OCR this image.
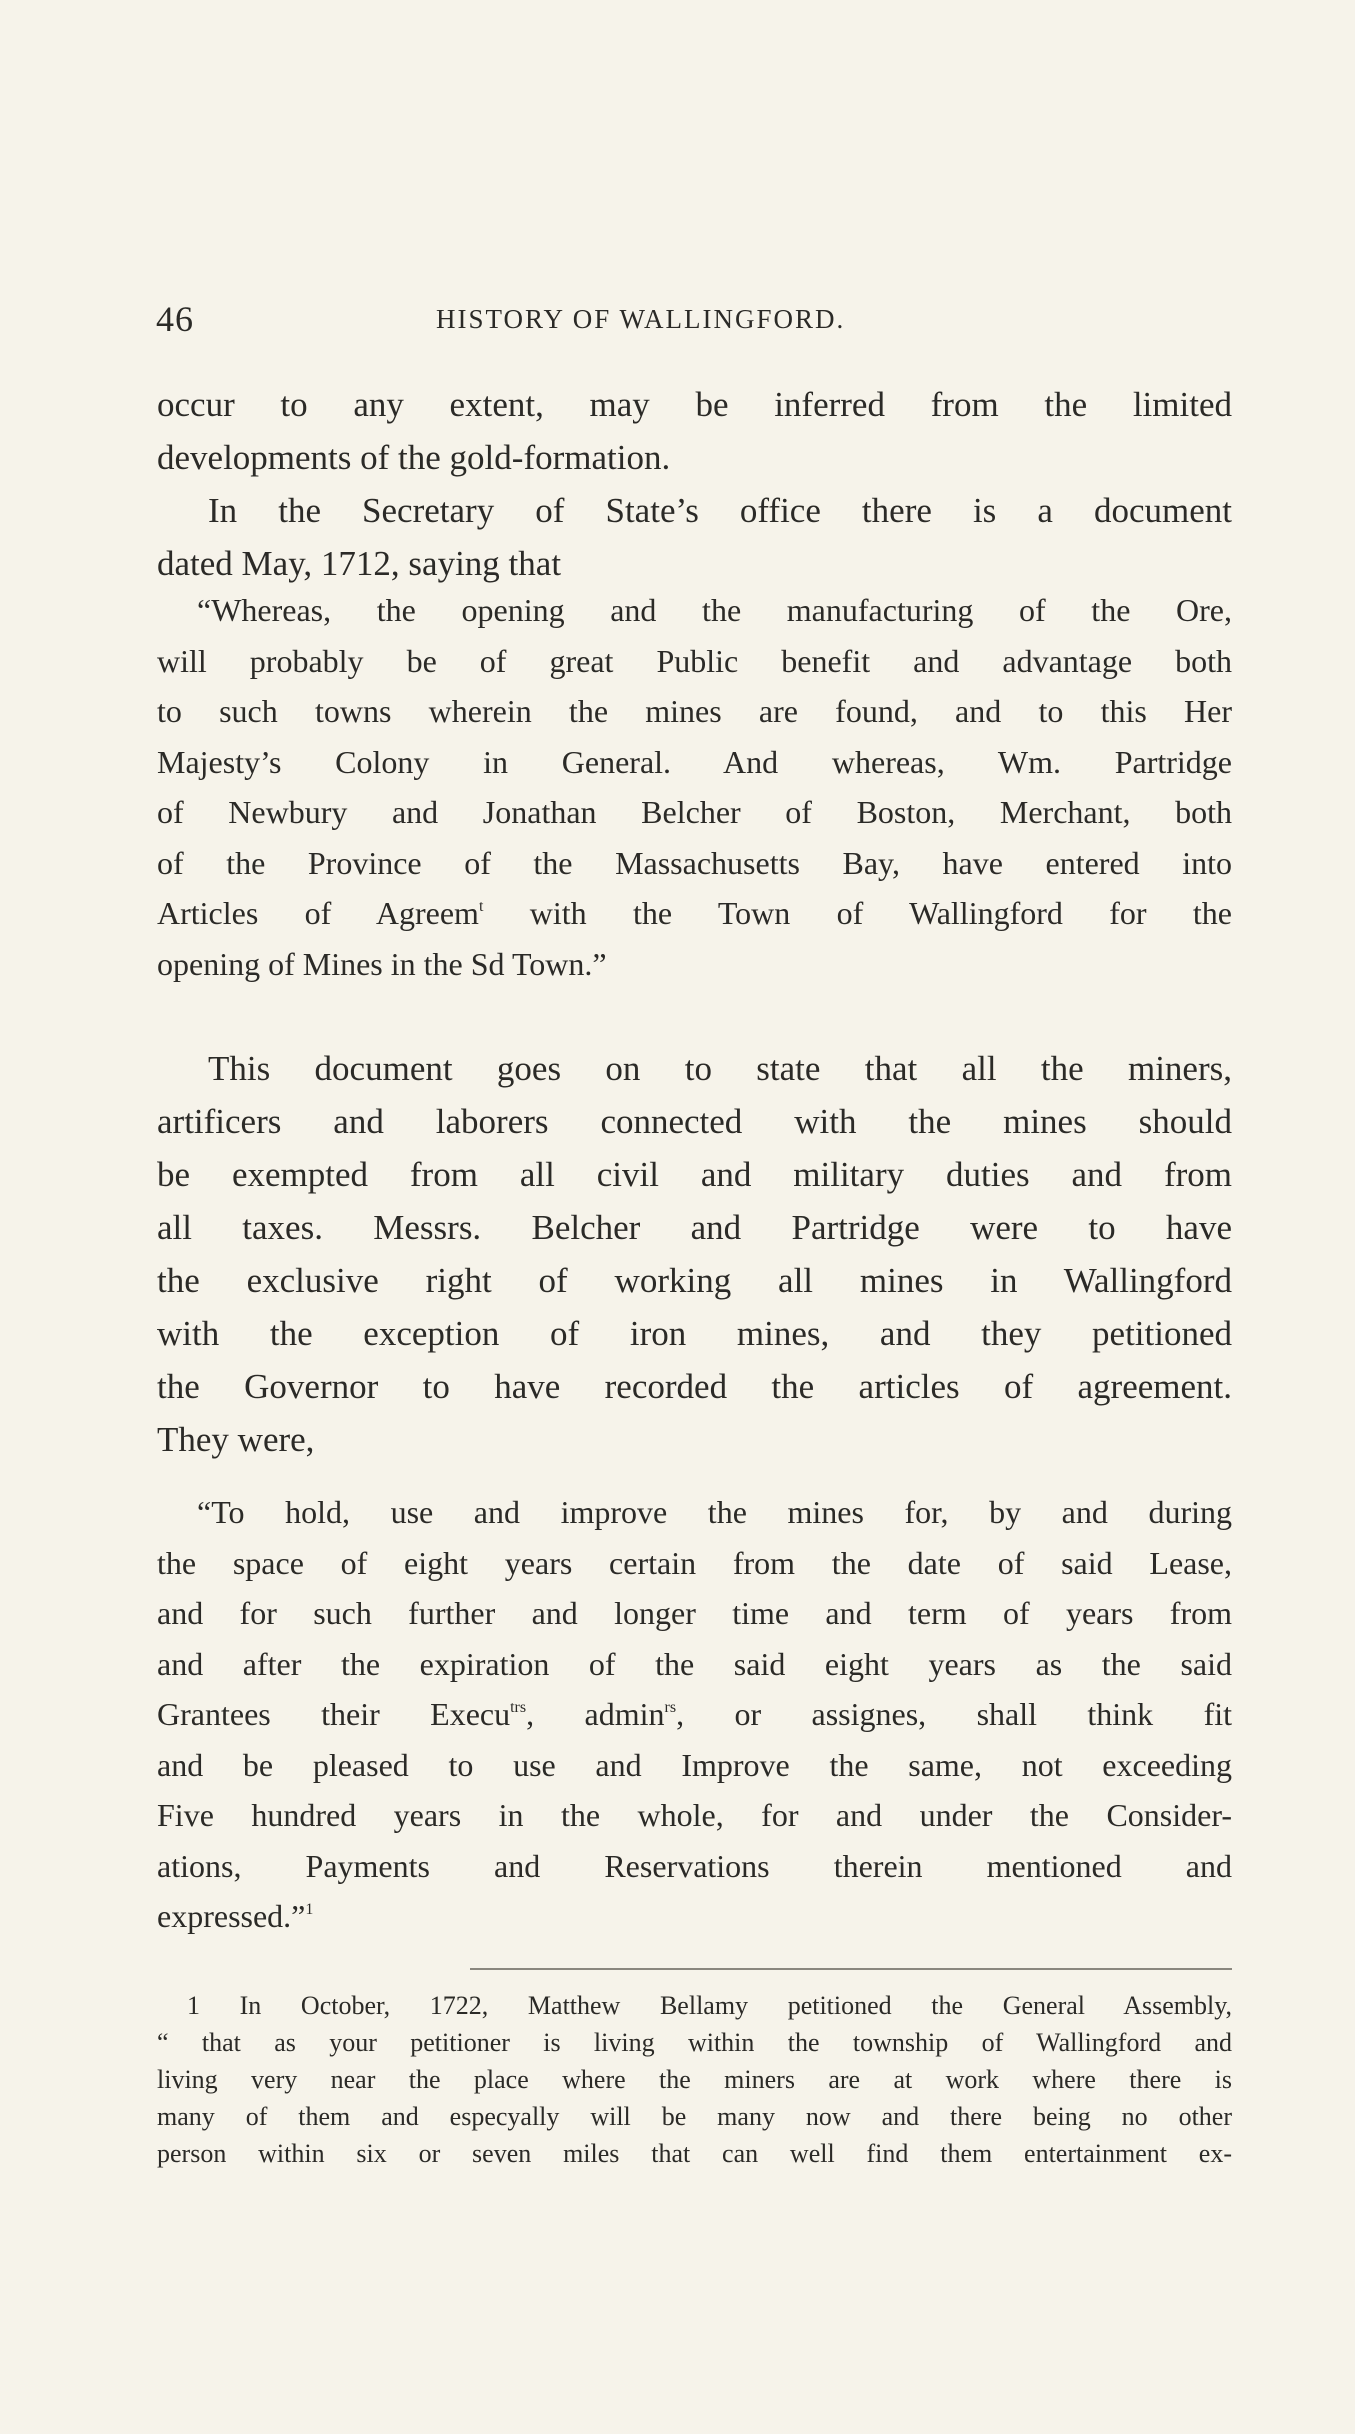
46	HISTORY OF WALLINGFORD.
occur to any extent, may be inferred from the limited
developments of the gold-formation.
In the Secretary of State’s office there is a document
dated May, 1712, saying that
“Whereas, the opening and the manufacturing of the Ore,
will probably be of great Public benefit and advantage both
to such towns wherein the mines are found, and to this Her
Majesty’s Colony in General. And whereas, Wm. Partridge
of Newbury and Jonathan Belcher of Boston, Merchant, both
of the Province of the Massachusetts Bay, have entered into
Articles of Agreem$^t$ with the Town of Wallingford for the
opening of Mines in the Sd Town.”
This document goes on to state that all the miners,
artificers and laborers connected with the mines should
be exempted from all civil and military duties and from
all taxes. Messrs. Belcher and Partridge were to have
the exclusive right of working all mines in Wallingford
with the exception of iron mines, and they petitioned
the Governor to have recorded the articles of agreement.
They were,
“To hold, use and improve the mines for, by and during
the space of eight years certain from the date of said Lease,
and for such further and longer time and term of years from
and after the expiration of the said eight years as the said
Grantees their Execu$^{trs}$, admin$^{rs}$, or assignes, shall think fit
and be pleased to use and Improve the same, not exceeding
Five hundred years in the whole, for and under the Consider-
ations, Payments and Reservations therein mentioned and
expressed.”$^1$
1 In October, 1722, Matthew Bellamy petitioned the General Assembly,
“ that as your petitioner is living within the township of Wallingford and
living very near the place where the miners are at work where there is
many of them and especyally will be many now and there being no other
person within six or seven miles that can well find them entertainment ex-
